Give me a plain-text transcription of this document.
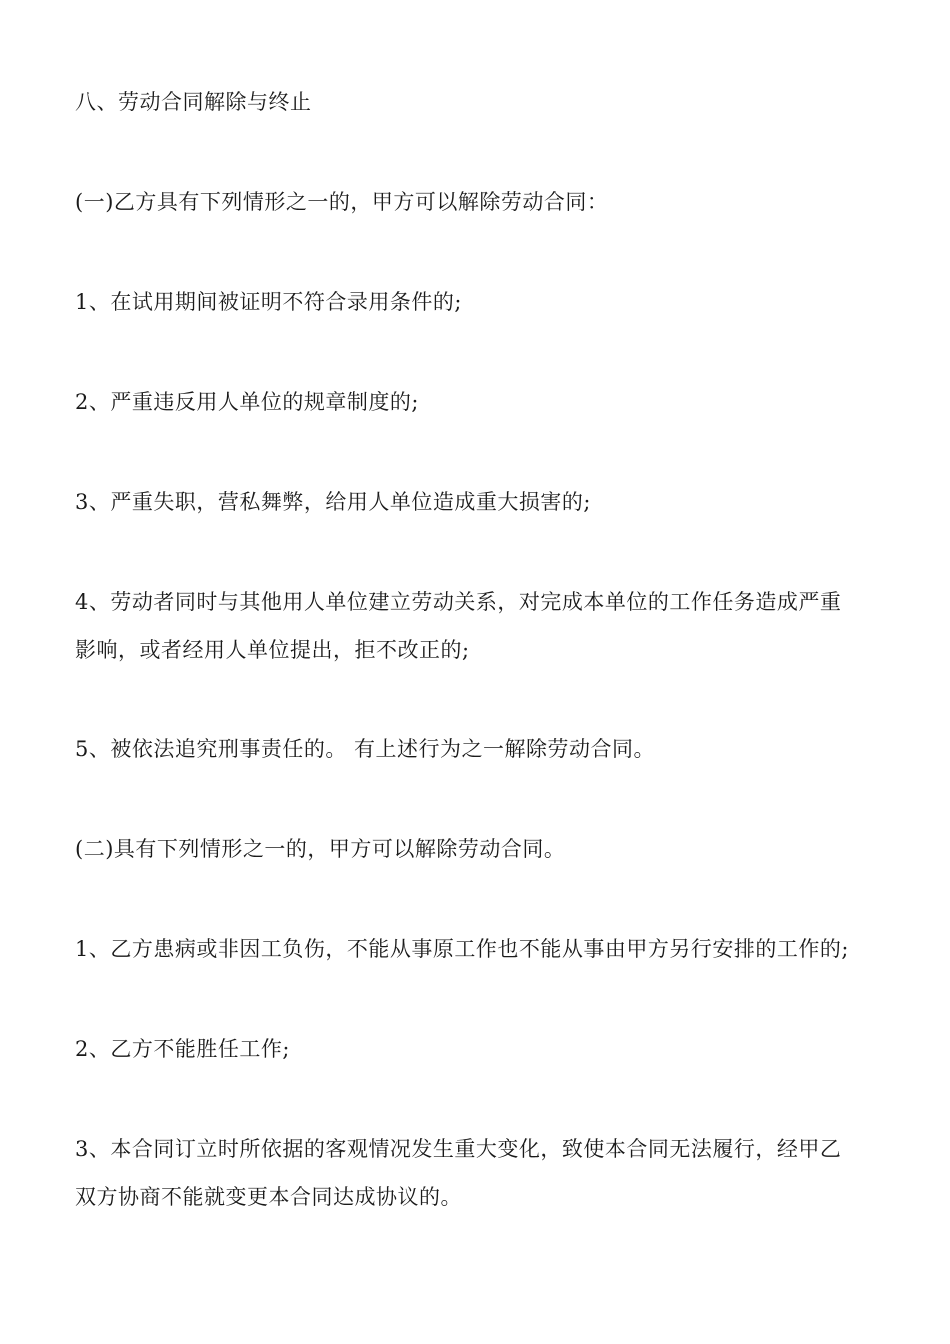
八、劳动合同解除与终止
(一)乙方具有下列情形之一的，甲方可以解除劳动合同：
1、在试用期间被证明不符合录用条件的;
2、严重违反用人单位的规章制度的;
3、严重失职，营私舞弊，给用人单位造成重大损害的;
4、劳动者同时与其他用人单位建立劳动关系，对完成本单位的工作任务造成严重
影响，或者经用人单位提出，拒不改正的;
5、被依法追究刑事责任的。 有上述行为之一解除劳动合同。
(二)具有下列情形之一的，甲方可以解除劳动合同。
1、乙方患病或非因工负伤，不能从事原工作也不能从事由甲方另行安排的工作的;
2、乙方不能胜任工作;
3、本合同订立时所依据的客观情况发生重大变化，致使本合同无法履行，经甲乙
双方协商不能就变更本合同达成协议的。
